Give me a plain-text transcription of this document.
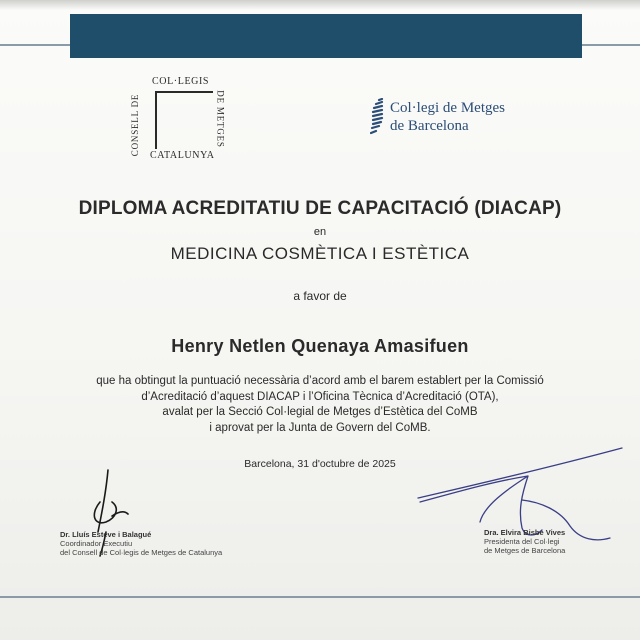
COL·LEGIS
CONSELL DE	DE METGES
CATALUNYA
Col·legi de Metges
de Barcelona
DIPLOMA ACREDITATIU DE CAPACITACIÓ (DIACAP)
en
MEDICINA COSMÈTICA I ESTÈTICA
a favor de
Henry Netlen Quenaya Amasifuen
que ha obtingut la puntuació necessària d’acord amb el barem establert per la Comissió
d’Acreditació d’aquest DIACAP i l’Oficina Tècnica d’Acreditació (OTA),
avalat per la Secció Col·legial de Metges d’Estètica del CoMB
i aprovat per la Junta de Govern del CoMB.
Barcelona, 31 d'octubre de 2025
Dr. Lluís Esteve i Balagué
Coordinador Executiu
del Consell de Col·legis de Metges de Catalunya
Dra. Elvira Bisbe Vives
Presidenta del Col·legi
de Metges de Barcelona
